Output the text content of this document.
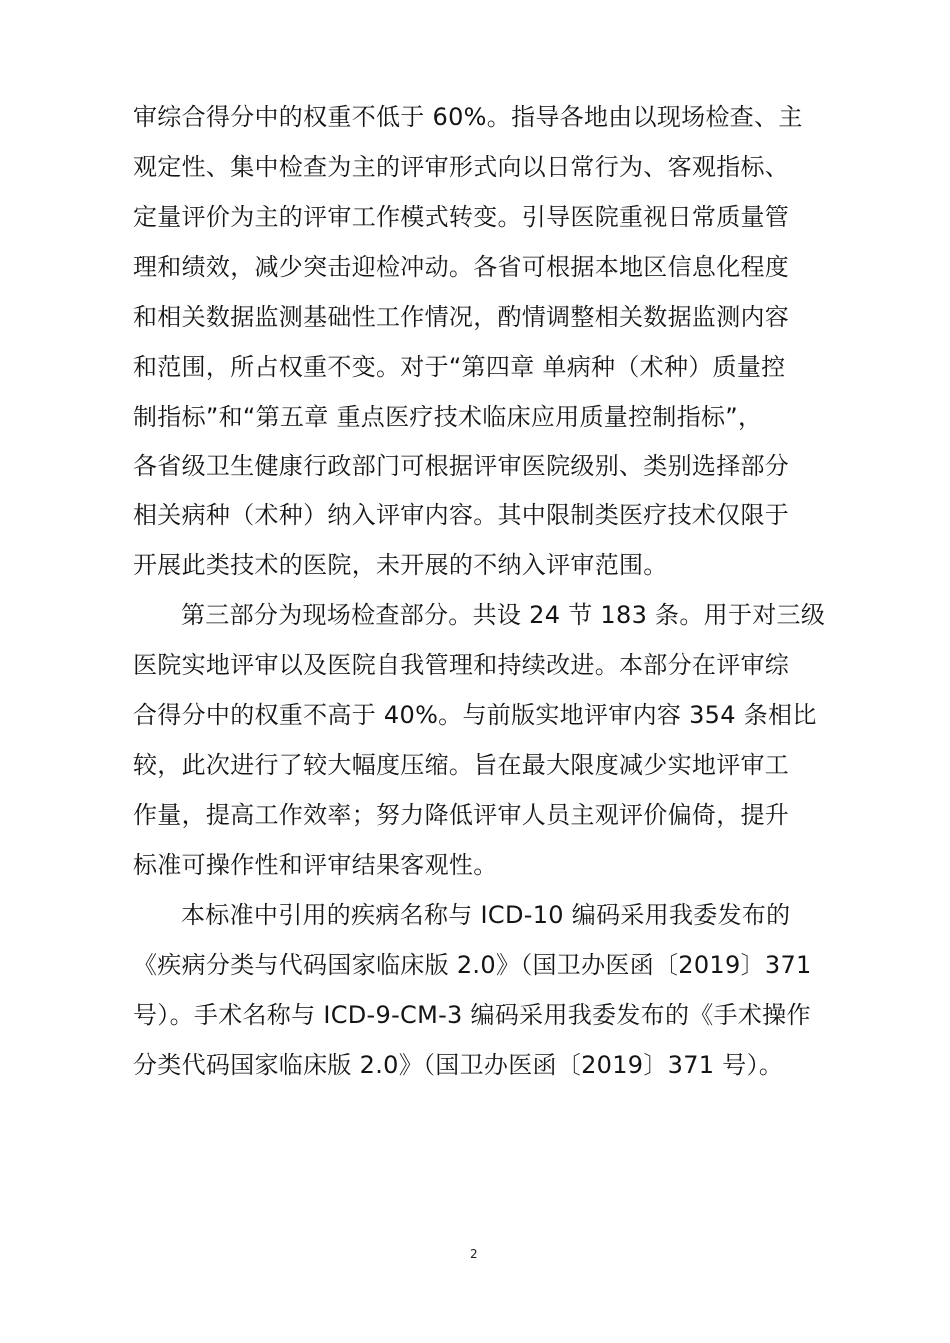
审综合得分中的权重不低于 60%。指导各地由以现场检查、主
观定性、集中检查为主的评审形式向以日常行为、客观指标、
定量评价为主的评审工作模式转变。引导医院重视日常质量管
理和绩效，减少突击迎检冲动。各省可根据本地区信息化程度
和相关数据监测基础性工作情况，酌情调整相关数据监测内容
和范围，所占权重不变。对于“第四章 单病种（术种）质量控
制指标”和“第五章 重点医疗技术临床应用质量控制指标”，
各省级卫生健康行政部门可根据评审医院级别、类别选择部分
相关病种（术种）纳入评审内容。其中限制类医疗技术仅限于
开展此类技术的医院，未开展的不纳入评审范围。
第三部分为现场检查部分。共设 24 节 183 条。用于对三级
医院实地评审以及医院自我管理和持续改进。本部分在评审综
合得分中的权重不高于 40%。与前版实地评审内容 354 条相比
较，此次进行了较大幅度压缩。旨在最大限度减少实地评审工
作量，提高工作效率；努力降低评审人员主观评价偏倚，提升
标准可操作性和评审结果客观性。
本标准中引用的疾病名称与 ICD-10 编码采用我委发布的
《疾病分类与代码国家临床版 2.0》（国卫办医函〔2019〕371
号）。手术名称与 ICD-9-CM-3 编码采用我委发布的《手术操作
分类代码国家临床版 2.0》（国卫办医函〔2019〕371 号）。
2
